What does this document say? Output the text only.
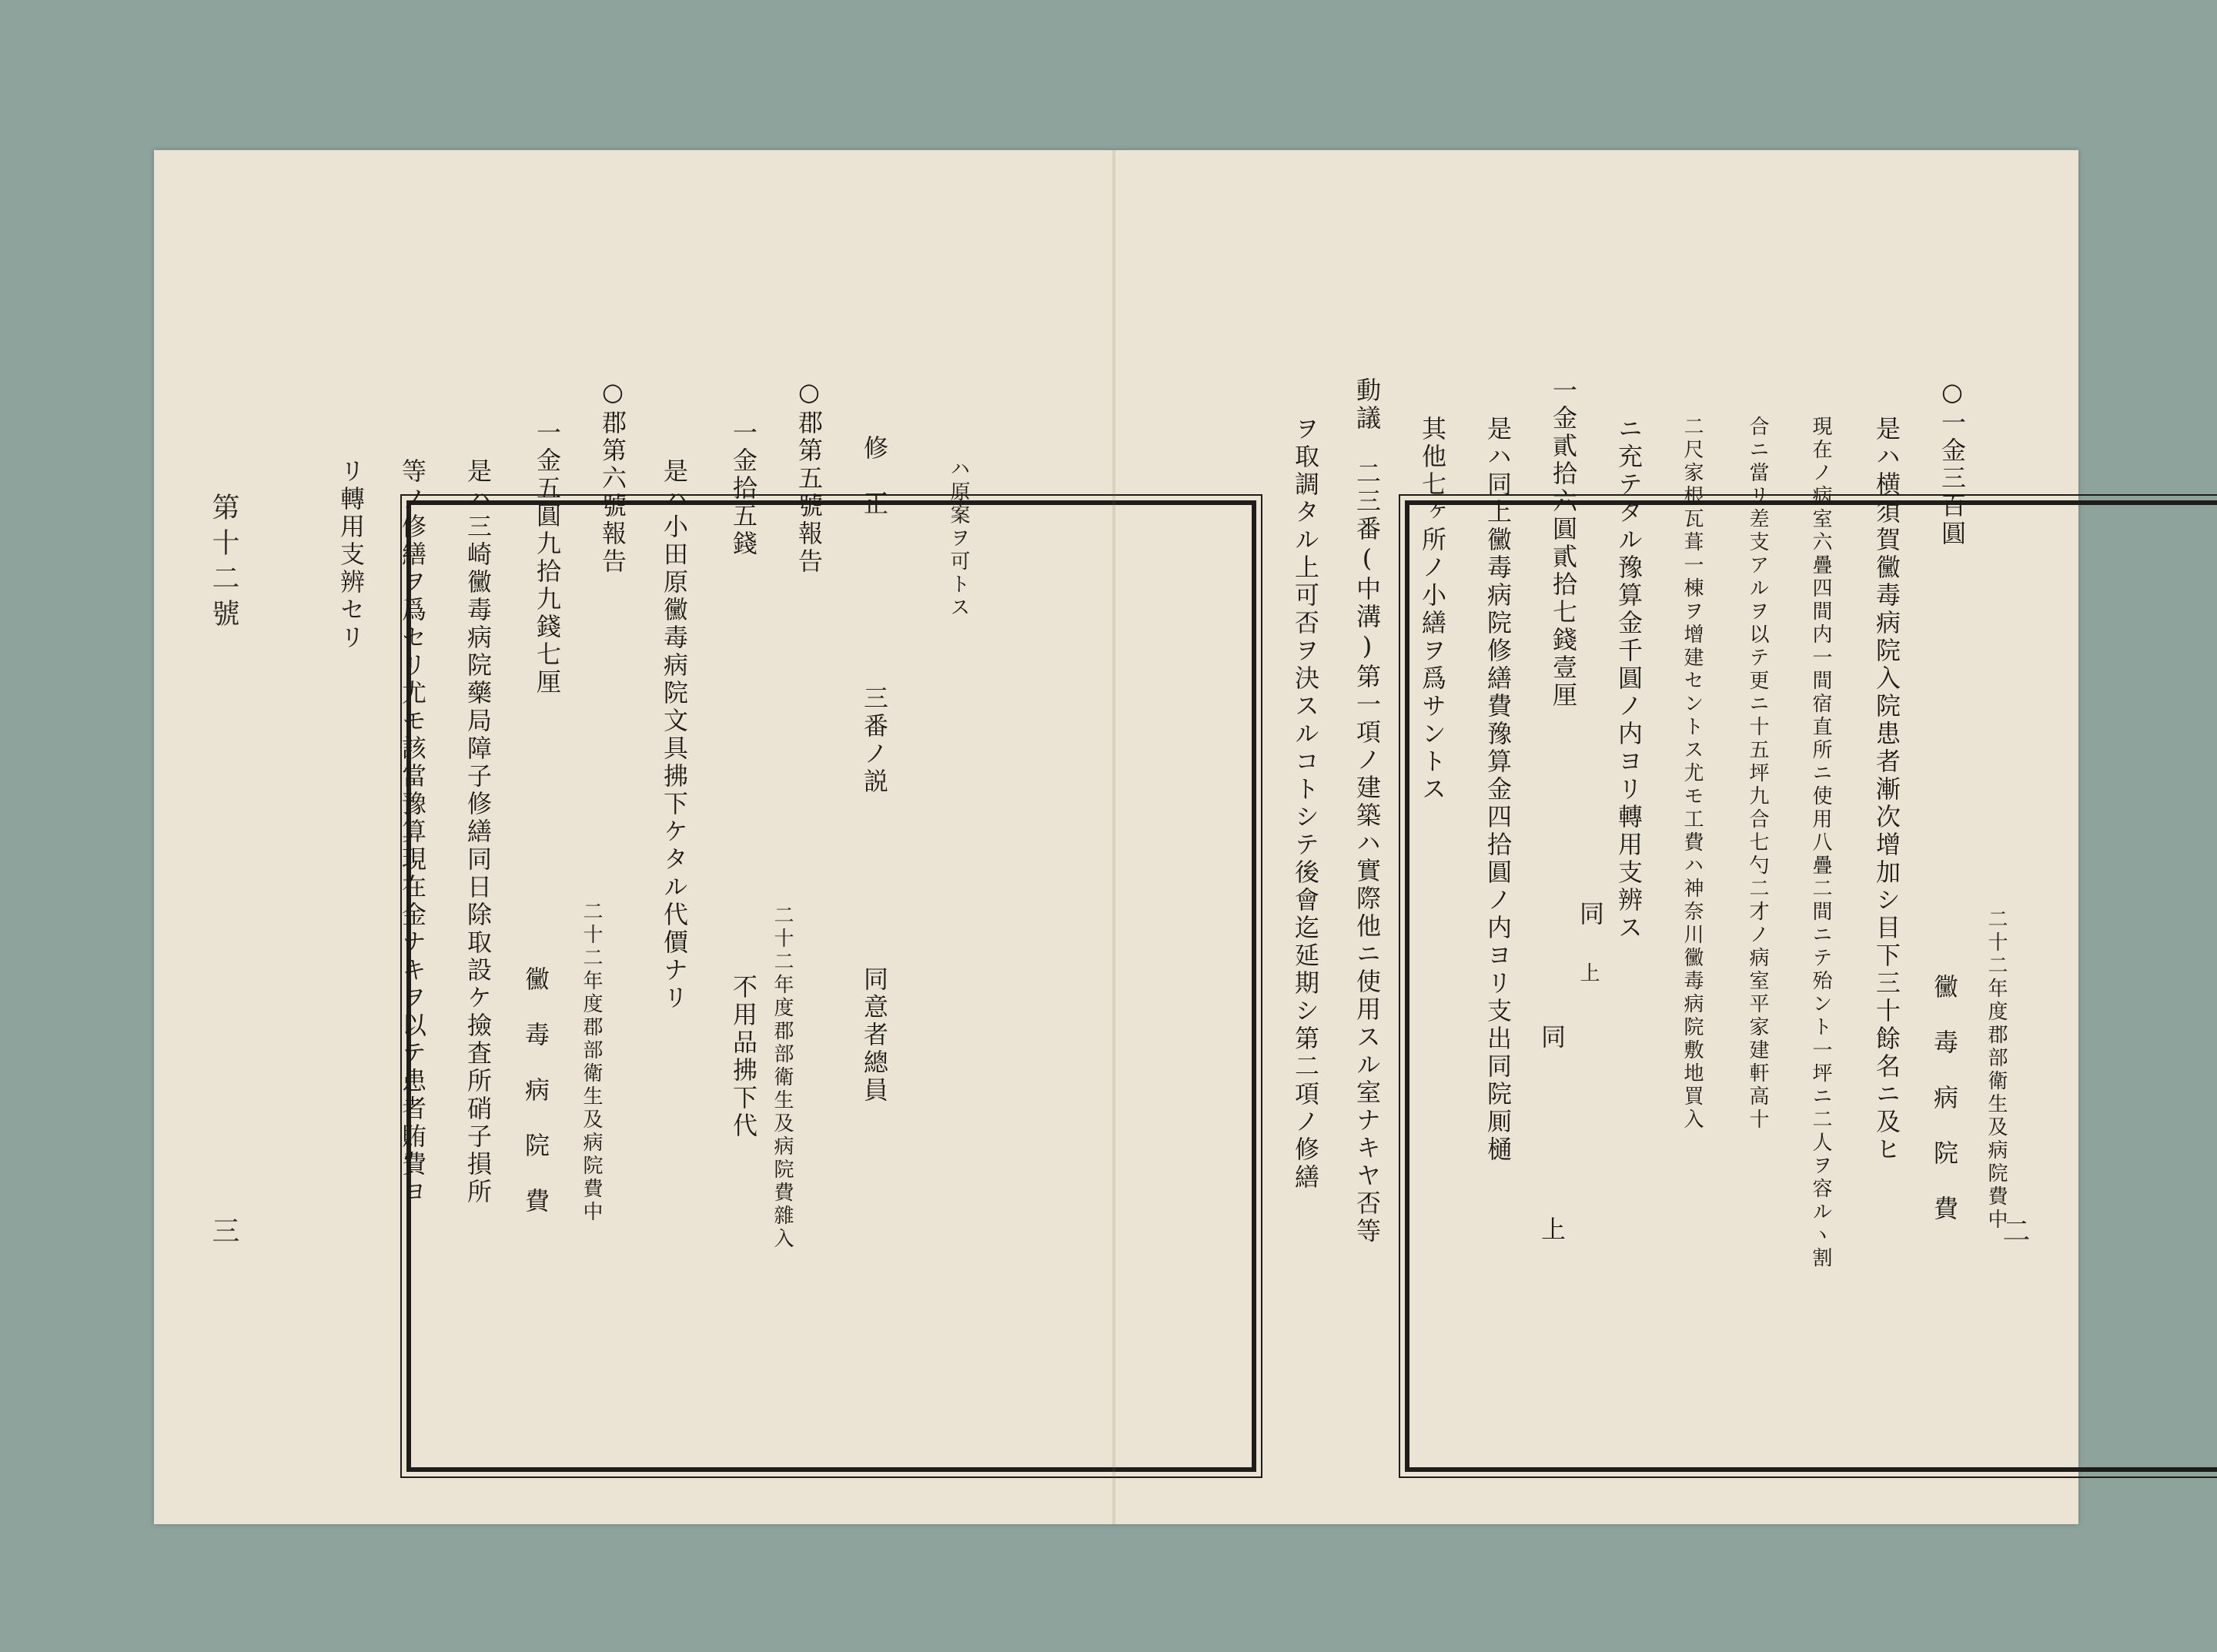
第十二號
三
ハ原案ヲ可トス
修　正
三番ノ説
同意者總員
○郡第五號報告
一金拾五錢
二十二年度郡部衛生及病院費雜入
不用品拂下代
是ハ小田原黴毒病院文具拂下ケタル代價ナリ
○郡第六號報告
一金五圓九拾九錢七厘
二十二年度郡部衛生及病院費中
黴　毒　病　院　費
是ハ三崎黴毒病院藥局障子修繕同日除取設ケ撿査所硝子損所
等ノ修繕ヲ爲セリ尤モ該當豫算現在金ナキヲ以テ患者賄費ヨ
リ轉用支辨セリ
二
○一金三百圓
二十二年度郡部衛生及病院費中
黴　毒　病　院　費
是ハ横須賀黴毒病院入院患者漸次增加シ目下三十餘名ニ及ヒ
現在ノ病室六疊四間内一間宿直所ニ使用八疊二間ニテ殆ント一坪ニ二人ヲ容ルヽ割
合ニ當リ差支アルヲ以テ更ニ十五坪九合七勺二才ノ病室平家建軒高十
二尺家根瓦葺一棟ヲ增建セントス尤モ工費ハ神奈川黴毒病院敷地買入
ニ充テタル豫算金千圓ノ内ヨリ轉用支辨ス
一金貳拾六圓貳拾七錢壹厘
同
上
同
上
是ハ同上黴毒病院修繕費豫算金四拾圓ノ内ヨリ支出同院厠樋
其他七ヶ所ノ小繕ヲ爲サントス
動議　二三番(中溝)第一項ノ建築ハ實際他ニ使用スル室ナキヤ否等
ヲ取調タル上可否ヲ決スルコトシテ後會迄延期シ第二項ノ修繕
